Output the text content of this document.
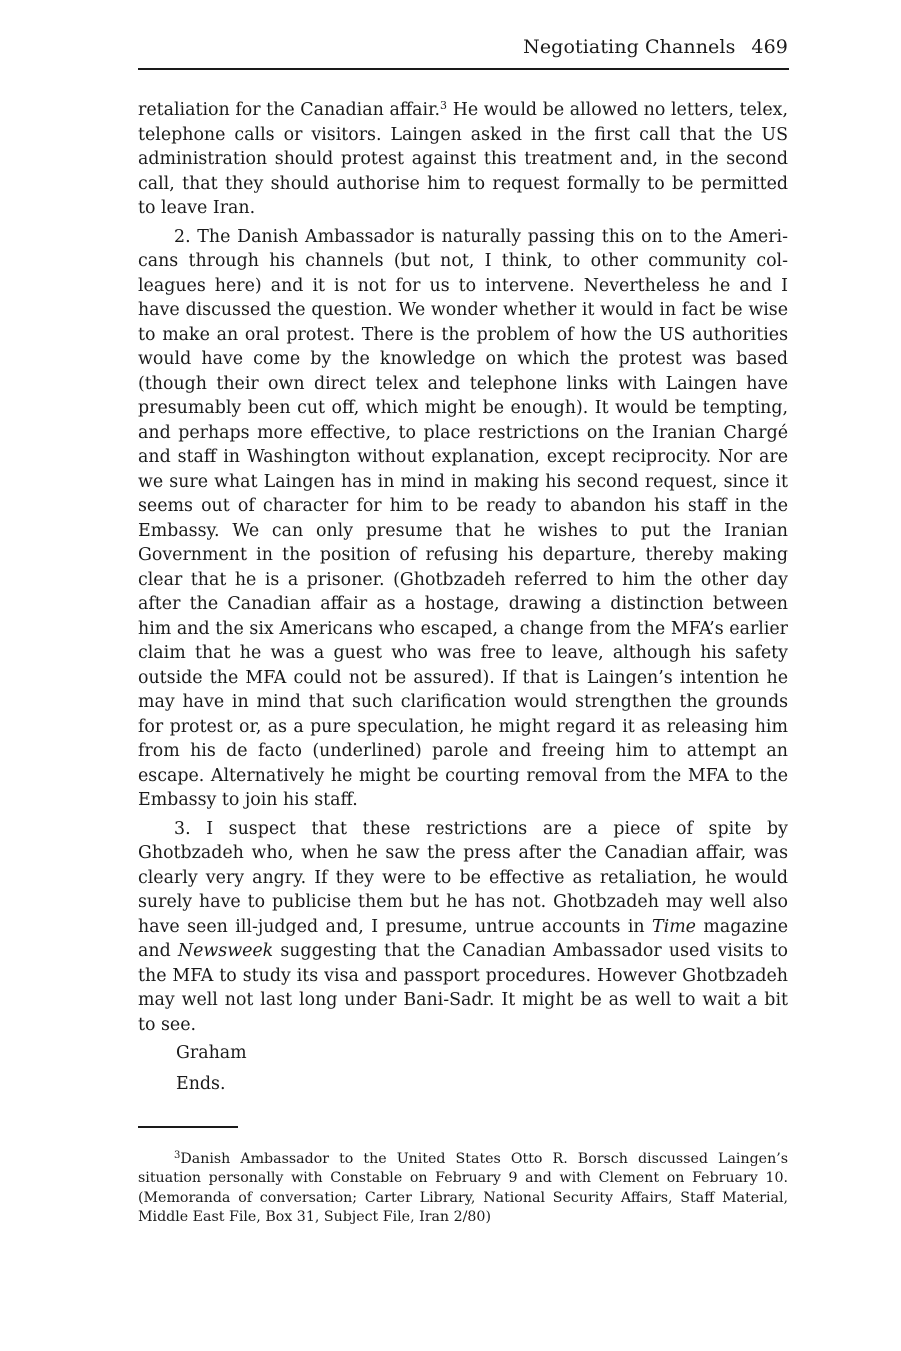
Negotiating Channels 469

retaliation for the Canadian affair.$^3$ He would be allowed no letters, telex, telephone calls or visitors. Laingen asked in the first call that the US administration should protest against this treatment and, in the second call, that they should authorise him to request formally to be permitted to leave Iran.

2. The Danish Ambassador is naturally passing this on to the Americans through his channels (but not, I think, to other community colleagues here) and it is not for us to intervene. Nevertheless he and I have discussed the question. We wonder whether it would in fact be wise to make an oral protest. There is the problem of how the US authorities would have come by the knowledge on which the protest was based (though their own direct telex and telephone links with Laingen have presumably been cut off, which might be enough). It would be tempting, and perhaps more effective, to place restrictions on the Iranian Chargé and staff in Washington without explanation, except reciprocity. Nor are we sure what Laingen has in mind in making his second request, since it seems out of character for him to be ready to abandon his staff in the Embassy. We can only presume that he wishes to put the Iranian Government in the position of refusing his departure, thereby making clear that he is a prisoner. (Ghotbzadeh referred to him the other day after the Canadian affair as a hostage, drawing a distinction between him and the six Americans who escaped, a change from the MFA’s earlier claim that he was a guest who was free to leave, although his safety outside the MFA could not be assured). If that is Laingen’s intention he may have in mind that such clarification would strengthen the grounds for protest or, as a pure speculation, he might regard it as releasing him from his de facto (underlined) parole and freeing him to attempt an escape. Alternatively he might be courting removal from the MFA to the Embassy to join his staff.

3. I suspect that these restrictions are a piece of spite by Ghotbzadeh who, when he saw the press after the Canadian affair, was clearly very angry. If they were to be effective as retaliation, he would surely have to publicise them but he has not. Ghotbzadeh may well also have seen ill-judged and, I presume, untrue accounts in Time magazine and Newsweek suggesting that the Canadian Ambassador used visits to the MFA to study its visa and passport procedures. However Ghotbzadeh may well not last long under Bani-Sadr. It might be as well to wait a bit to see.

Graham

Ends.

$^3$Danish Ambassador to the United States Otto R. Borsch discussed Laingen’s situation personally with Constable on February 9 and with Clement on February 10. (Memoranda of conversation; Carter Library, National Security Affairs, Staff Material, Middle East File, Box 31, Subject File, Iran 2/80)
